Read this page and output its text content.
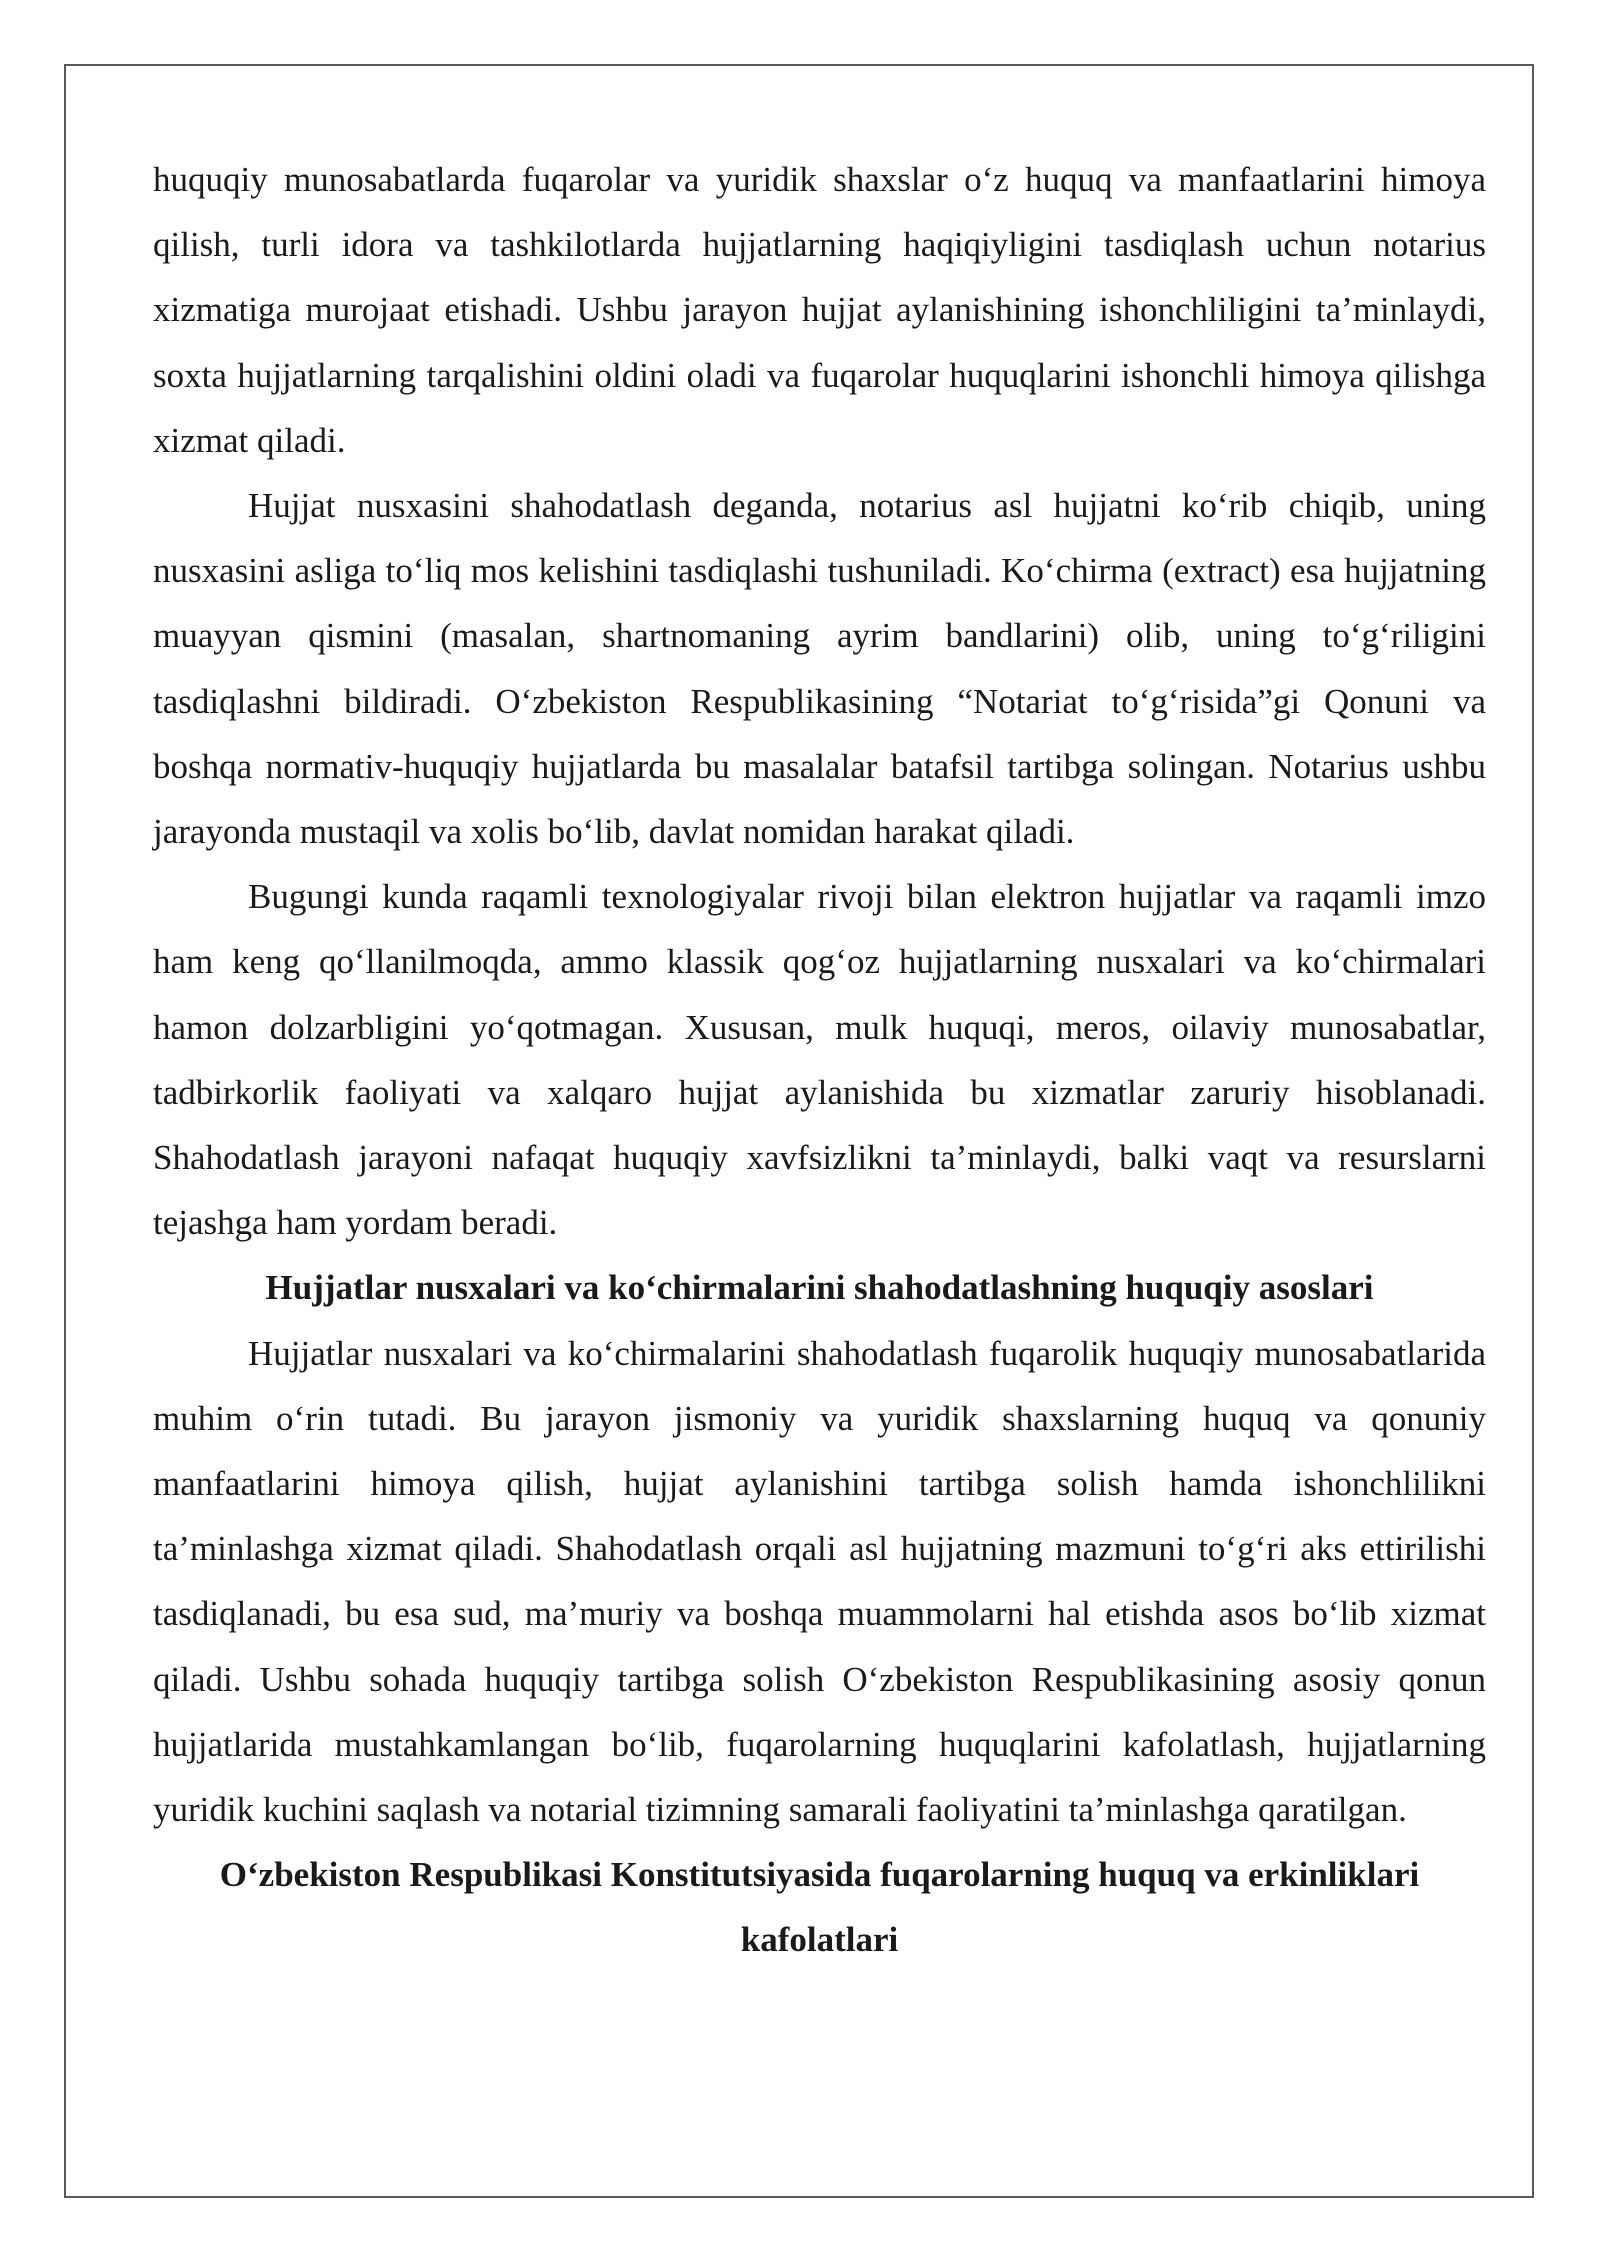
huquqiy munosabatlarda fuqarolar va yuridik shaxslar o‘z huquq va manfaatlarini himoya qilish, turli idora va tashkilotlarda hujjatlarning haqiqiyligini tasdiqlash uchun notarius xizmatiga murojaat etishadi. Ushbu jarayon hujjat aylanishining ishonchliligini ta’minlaydi, soxta hujjatlarning tarqalishini oldini oladi va fuqarolar huquqlarini ishonchli himoya qilishga xizmat qiladi.

Hujjat nusxasini shahodatlash deganda, notarius asl hujjatni ko‘rib chiqib, uning nusxasini asliga to‘liq mos kelishini tasdiqlashi tushuniladi. Ko‘chirma (extract) esa hujjatning muayyan qismini (masalan, shartnomaning ayrim bandlarini) olib, uning to‘g‘riligini tasdiqlashni bildiradi. O‘zbekiston Respublikasining “Notariat to‘g‘risida”gi Qonuni va boshqa normativ-huquqiy hujjatlarda bu masalalar batafsil tartibga solingan. Notarius ushbu jarayonda mustaqil va xolis bo‘lib, davlat nomidan harakat qiladi.

Bugungi kunda raqamli texnologiyalar rivoji bilan elektron hujjatlar va raqamli imzo ham keng qo‘llanilmoqda, ammo klassik qog‘oz hujjatlarning nusxalari va ko‘chirmalari hamon dolzarbligini yo‘qotmagan. Xususan, mulk huquqi, meros, oilaviy munosabatlar, tadbirkorlik faoliyati va xalqaro hujjat aylanishida bu xizmatlar zaruriy hisoblanadi. Shahodatlash jarayoni nafaqat huquqiy xavfsizlikni ta’minlaydi, balki vaqt va resurslarni tejashga ham yordam beradi.

Hujjatlar nusxalari va ko‘chirmalarini shahodatlashning huquqiy asoslari

Hujjatlar nusxalari va ko‘chirmalarini shahodatlash fuqarolik huquqiy munosabatlarida muhim o‘rin tutadi. Bu jarayon jismoniy va yuridik shaxslarning huquq va qonuniy manfaatlarini himoya qilish, hujjat aylanishini tartibga solish hamda ishonchlilikni ta’minlashga xizmat qiladi. Shahodatlash orqali asl hujjatning mazmuni to‘g‘ri aks ettirilishi tasdiqlanadi, bu esa sud, ma’muriy va boshqa muammolarni hal etishda asos bo‘lib xizmat qiladi. Ushbu sohada huquqiy tartibga solish O‘zbekiston Respublikasining asosiy qonun hujjatlarida mustahkamlangan bo‘lib, fuqarolarning huquqlarini kafolatlash, hujjatlarning yuridik kuchini saqlash va notarial tizimning samarali faoliyatini ta’minlashga qaratilgan.

O‘zbekiston Respublikasi Konstitutsiyasida fuqarolarning huquq va erkinliklari kafolatlari
